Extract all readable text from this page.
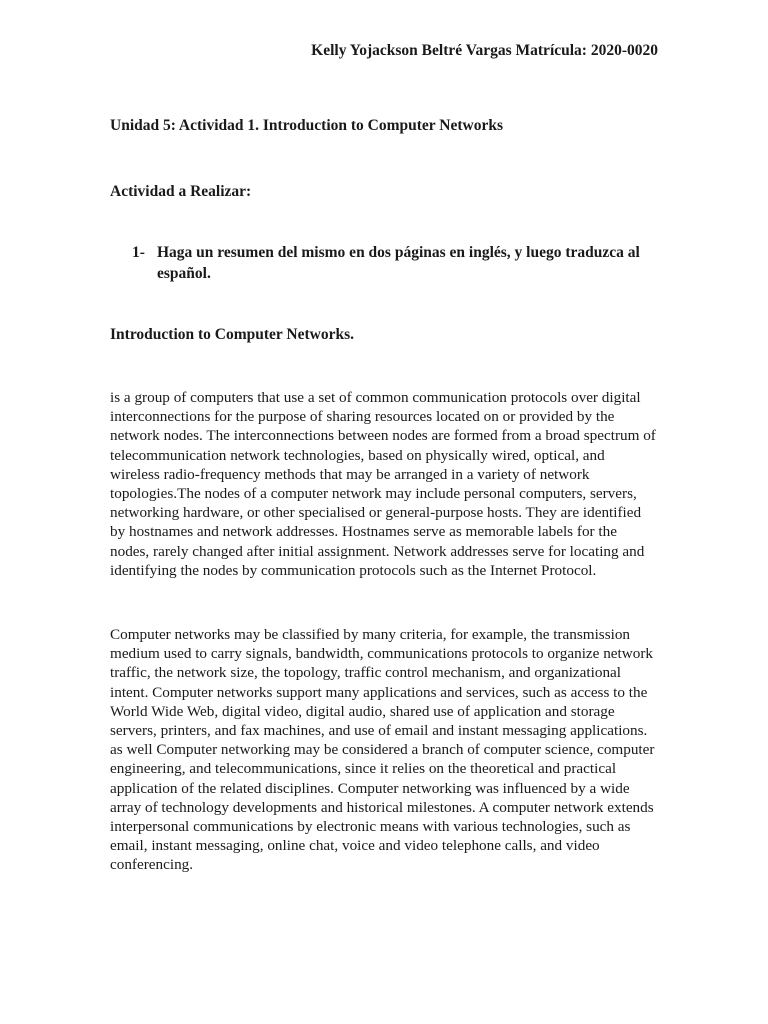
Kelly Yojackson Beltré Vargas Matrícula: 2020-0020
Unidad 5: Actividad 1. Introduction to Computer Networks
Actividad a Realizar:
1- Haga un resumen del mismo en dos páginas en inglés, y luego traduzca al español.
Introduction to Computer Networks.

is a group of computers that use a set of common communication protocols over digital interconnections for the purpose of sharing resources located on or provided by the network nodes. The interconnections between nodes are formed from a broad spectrum of telecommunication network technologies, based on physically wired, optical, and wireless radio-frequency methods that may be arranged in a variety of network topologies.The nodes of a computer network may include personal computers, servers, networking hardware, or other specialised or general-purpose hosts. They are identified by hostnames and network addresses. Hostnames serve as memorable labels for the nodes, rarely changed after initial assignment. Network addresses serve for locating and identifying the nodes by communication protocols such as the Internet Protocol.

Computer networks may be classified by many criteria, for example, the transmission medium used to carry signals, bandwidth, communications protocols to organize network traffic, the network size, the topology, traffic control mechanism, and organizational intent. Computer networks support many applications and services, such as access to the World Wide Web, digital video, digital audio, shared use of application and storage servers, printers, and fax machines, and use of email and instant messaging applications. as well Computer networking may be considered a branch of computer science, computer engineering, and telecommunications, since it relies on the theoretical and practical application of the related disciplines. Computer networking was influenced by a wide array of technology developments and historical milestones. A computer network extends interpersonal communications by electronic means with various technologies, such as email, instant messaging, online chat, voice and video telephone calls, and video conferencing.
